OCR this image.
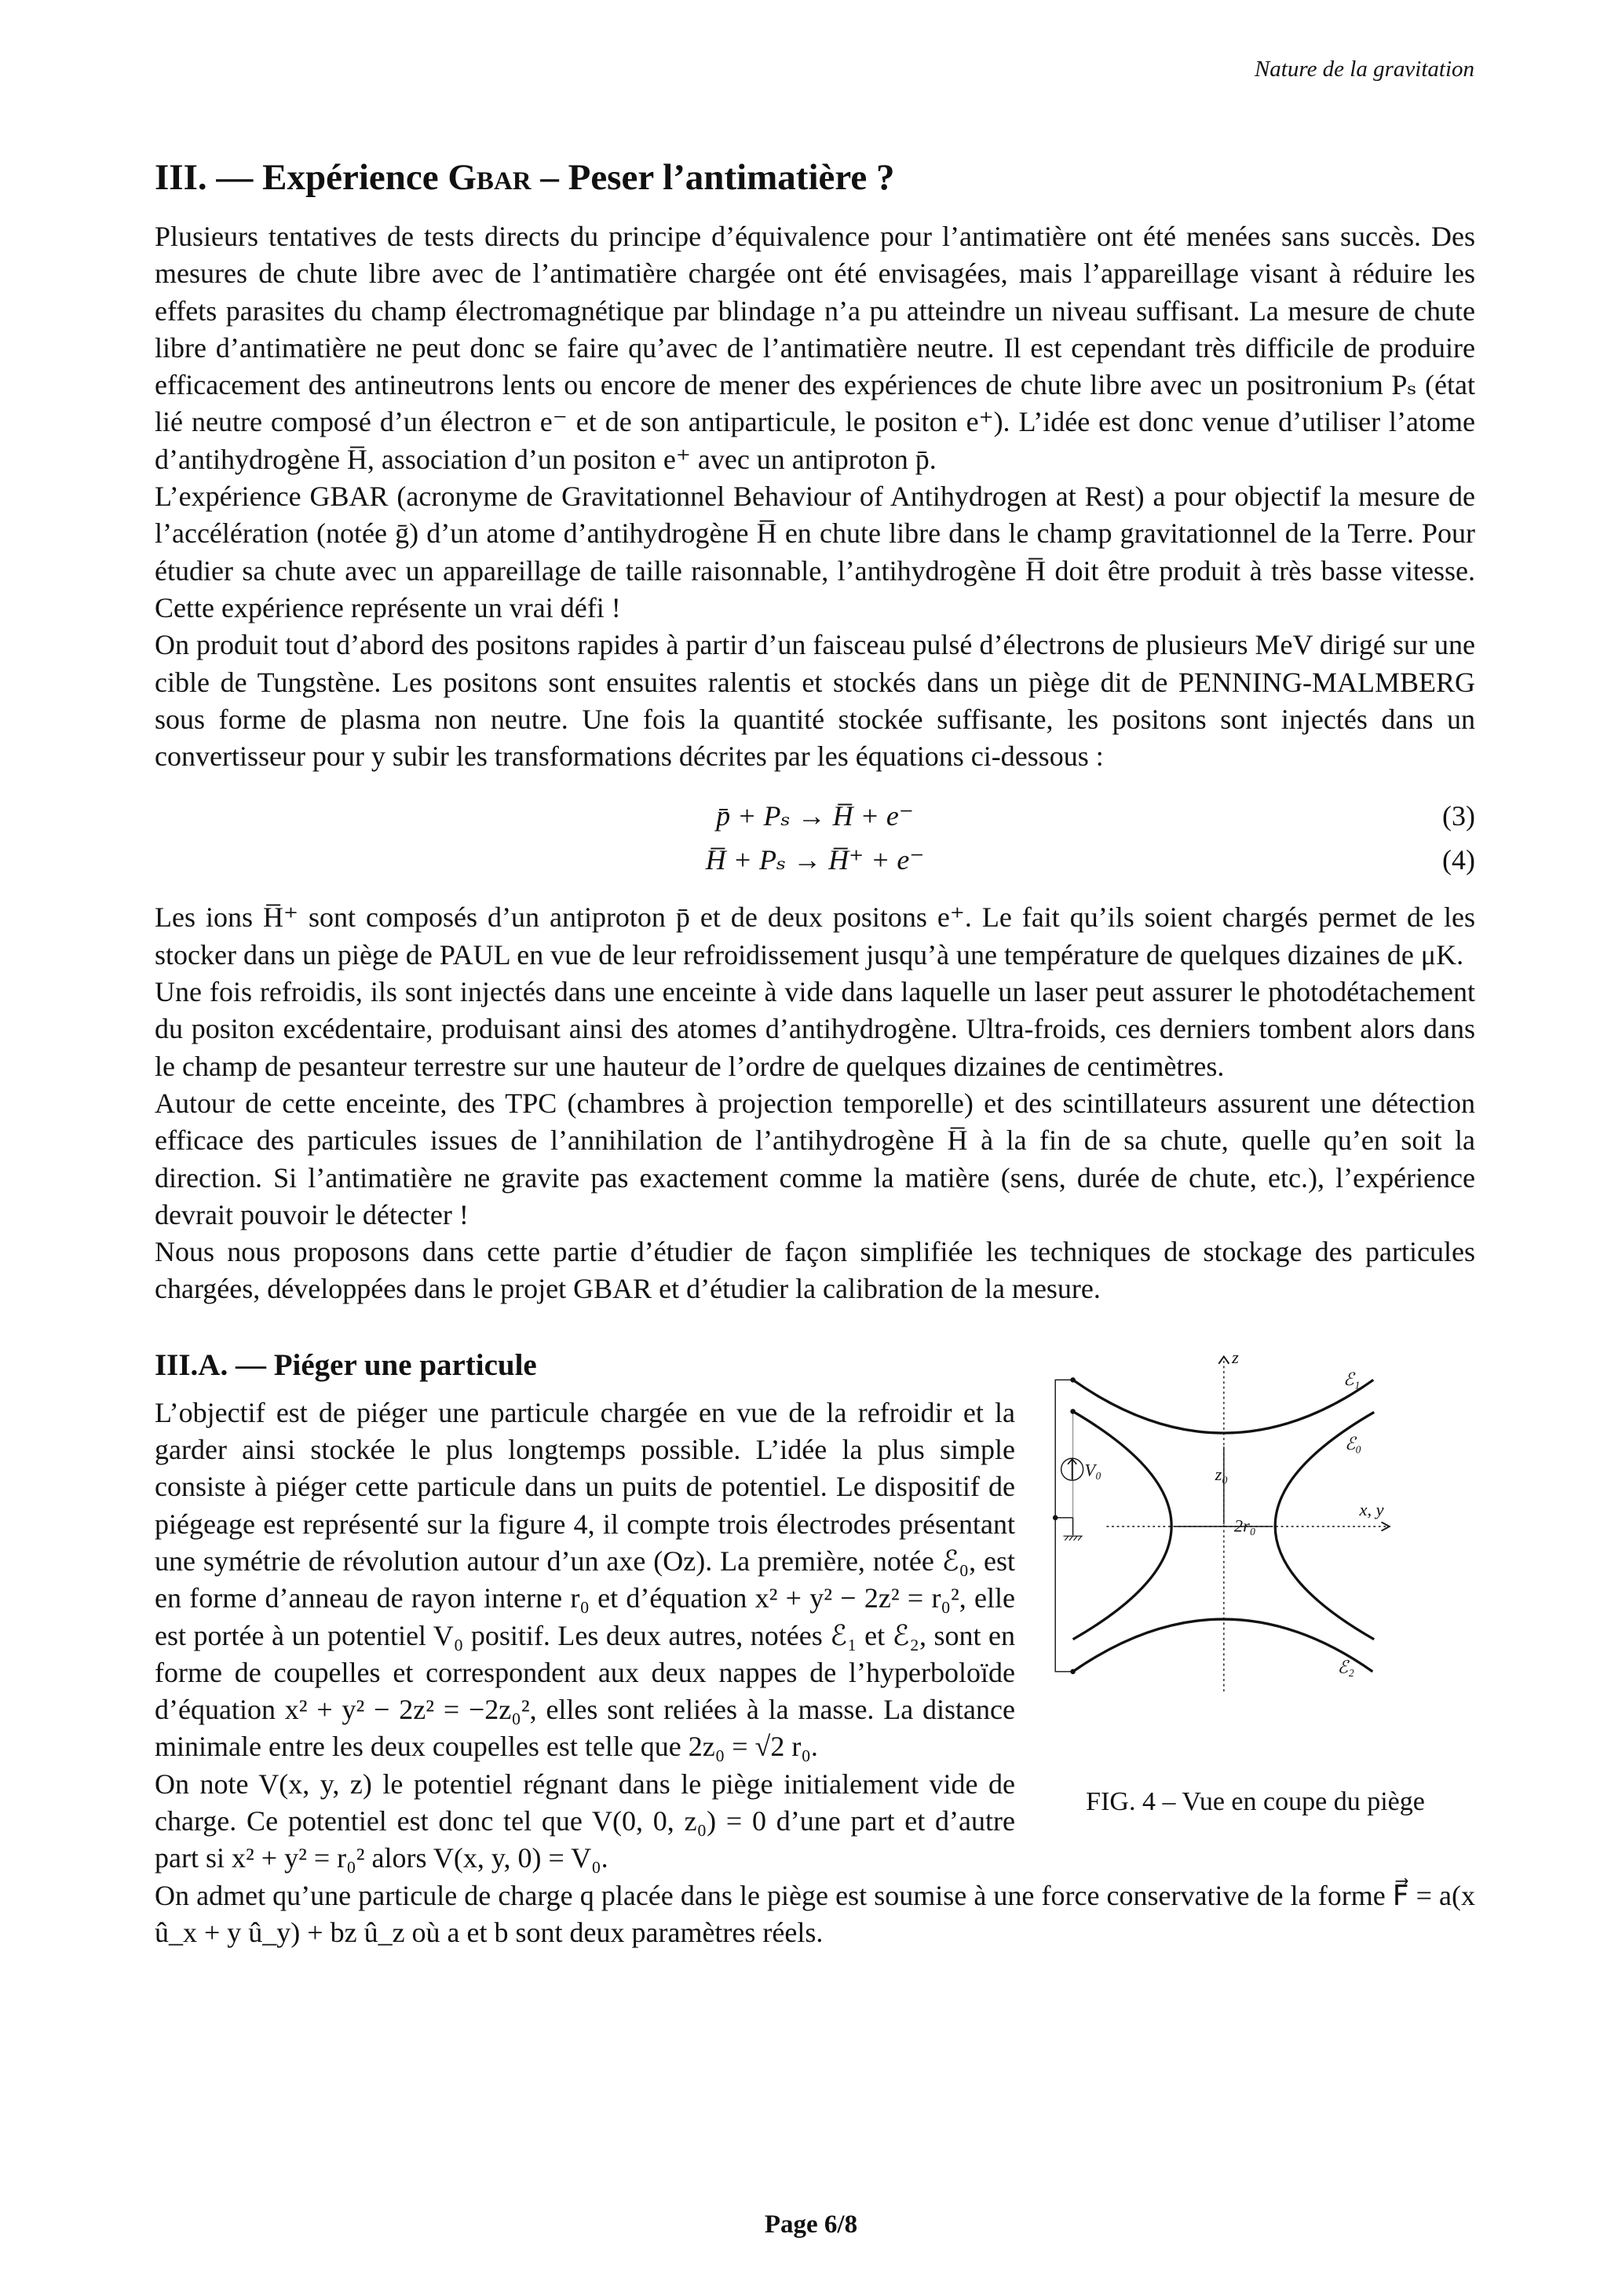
Nature de la gravitation
III. — Expérience Gbar – Peser l’antimatière ?

Plusieurs tentatives de tests directs du principe d’équivalence pour l’antimatière ont été menées sans succès. Des mesures de chute libre avec de l’antimatière chargée ont été envisagées, mais l’appareillage visant à réduire les effets parasites du champ électromagnétique par blindage n’a pu atteindre un niveau suffisant. La mesure de chute libre d’antimatière ne peut donc se faire qu’avec de l’antimatière neutre. Il est cependant très difficile de produire efficacement des antineutrons lents ou encore de mener des expériences de chute libre avec un positronium Pₛ (état lié neutre composé d’un électron e⁻ et de son antiparticule, le positon e⁺). L’idée est donc venue d’utiliser l’atome d’antihydrogène H̅, association d’un positon e⁺ avec un antiproton p̄.

L’expérience GBAR (acronyme de Gravitationnel Behaviour of Antihydrogen at Rest) a pour objectif la mesure de l’accélération (notée ḡ) d’un atome d’antihydrogène H̅ en chute libre dans le champ gravitationnel de la Terre. Pour étudier sa chute avec un appareillage de taille raisonnable, l’antihydrogène H̅ doit être produit à très basse vitesse. Cette expérience représente un vrai défi !

On produit tout d’abord des positons rapides à partir d’un faisceau pulsé d’électrons de plusieurs MeV dirigé sur une cible de Tungstène. Les positons sont ensuites ralentis et stockés dans un piège dit de PENNING-MALMBERG sous forme de plasma non neutre. Une fois la quantité stockée suffisante, les positons sont injectés dans un convertisseur pour y subir les transformations décrites par les équations ci-dessous :

p̄ + Pₛ → H̅ + e⁻	(3)
H̅ + Pₛ → H̅⁺ + e⁻	(4)

Les ions H̅⁺ sont composés d’un antiproton p̄ et de deux positons e⁺. Le fait qu’ils soient chargés permet de les stocker dans un piège de PAUL en vue de leur refroidissement jusqu’à une température de quelques dizaines de μK.

Une fois refroidis, ils sont injectés dans une enceinte à vide dans laquelle un laser peut assurer le photodétachement du positon excédentaire, produisant ainsi des atomes d’antihydrogène. Ultra-froids, ces derniers tombent alors dans le champ de pesanteur terrestre sur une hauteur de l’ordre de quelques dizaines de centimètres.

Autour de cette enceinte, des TPC (chambres à projection temporelle) et des scintillateurs assurent une détection efficace des particules issues de l’annihilation de l’antihydrogène H̅ à la fin de sa chute, quelle qu’en soit la direction. Si l’antimatière ne gravite pas exactement comme la matière (sens, durée de chute, etc.), l’expérience devrait pouvoir le détecter !

Nous nous proposons dans cette partie d’étudier de façon simplifiée les techniques de stockage des particules chargées, développées dans le projet GBAR et d’étudier la calibration de la mesure.

III.A. — Piéger une particule	z
ℰ₁
ℰ₀
ℰ₂
V₀	z₀
2r₀
x, y
FIG. 4 – Vue en coupe du piège

L’objectif est de piéger une particule chargée en vue de la refroidir et la garder ainsi stockée le plus longtemps possible. L’idée la plus simple consiste à piéger cette particule dans un puits de potentiel. Le dispositif de piégeage est représenté sur la figure 4, il compte trois électrodes présentant une symétrie de révolution autour d’un axe (Oz). La première, notée ℰ₀, est en forme d’anneau de rayon interne r₀ et d’équation x² + y² − 2z² = r₀², elle est portée à un potentiel V₀ positif. Les deux autres, notées ℰ₁ et ℰ₂, sont en forme de coupelles et correspondent aux deux nappes de l’hyperboloïde d’équation x² + y² − 2z² = −2z₀², elles sont reliées à la masse. La distance minimale entre les deux coupelles est telle que 2z₀ = √2 r₀.

On note V(x, y, z) le potentiel régnant dans le piège initialement vide de charge. Ce potentiel est donc tel que V(0, 0, z₀) = 0 d’une part et d’autre part si x² + y² = r₀² alors V(x, y, 0) = V₀.

On admet qu’une particule de charge q placée dans le piège est soumise à une force conservative de la forme F⃗ = a(x û_x + y û_y) + bz û_z où a et b sont deux paramètres réels.

Page 6/8
